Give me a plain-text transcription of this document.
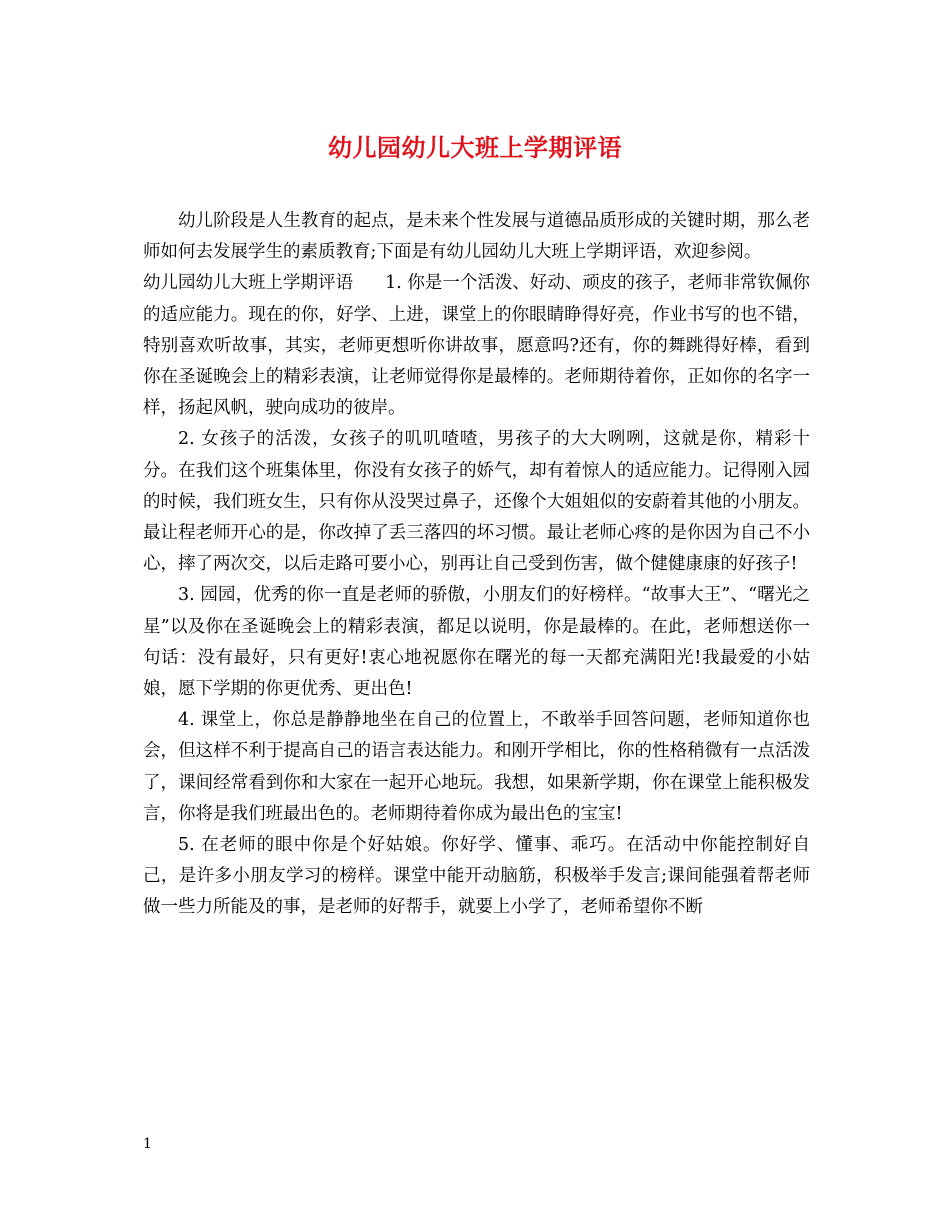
幼儿园幼儿大班上学期评语

幼儿阶段是人生教育的起点，是未来个性发展与道德品质形成的关键时期，那么老师如何去发展学生的素质教育;下面是有幼儿园幼儿大班上学期评语，欢迎参阅。

幼儿园幼儿大班上学期评语 1. 你是一个活泼、好动、顽皮的孩子，老师非常钦佩你的适应能力。现在的你，好学、上进，课堂上的你眼睛睁得好亮，作业书写的也不错，特别喜欢听故事，其实，老师更想听你讲故事，愿意吗?还有，你的舞跳得好棒，看到你在圣诞晚会上的精彩表演，让老师觉得你是最棒的。老师期待着你，正如你的名字一样，扬起风帆，驶向成功的彼岸。

2. 女孩子的活泼，女孩子的叽叽喳喳，男孩子的大大咧咧，这就是你，精彩十分。在我们这个班集体里，你没有女孩子的娇气，却有着惊人的适应能力。记得刚入园的时候，我们班女生，只有你从没哭过鼻子，还像个大姐姐似的安蔚着其他的小朋友。最让程老师开心的是，你改掉了丢三落四的坏习惯。最让老师心疼的是你因为自己不小心，摔了两次交，以后走路可要小心，别再让自己受到伤害，做个健健康康的好孩子!

3. 园园，优秀的你一直是老师的骄傲，小朋友们的好榜样。“故事大王”、“曙光之星”以及你在圣诞晚会上的精彩表演，都足以说明，你是最棒的。在此，老师想送你一句话：没有最好，只有更好!衷心地祝愿你在曙光的每一天都充满阳光!我最爱的小姑娘，愿下学期的你更优秀、更出色!

4. 课堂上，你总是静静地坐在自己的位置上，不敢举手回答问题，老师知道你也会，但这样不利于提高自己的语言表达能力。和刚开学相比，你的性格稍微有一点活泼了，课间经常看到你和大家在一起开心地玩。我想，如果新学期，你在课堂上能积极发言，你将是我们班最出色的。老师期待着你成为最出色的宝宝!

5. 在老师的眼中你是个好姑娘。你好学、懂事、乖巧。在活动中你能控制好自己，是许多小朋友学习的榜样。课堂中能开动脑筋，积极举手发言;课间能强着帮老师做一些力所能及的事，是老师的好帮手，就要上小学了，老师希望你不断

1
